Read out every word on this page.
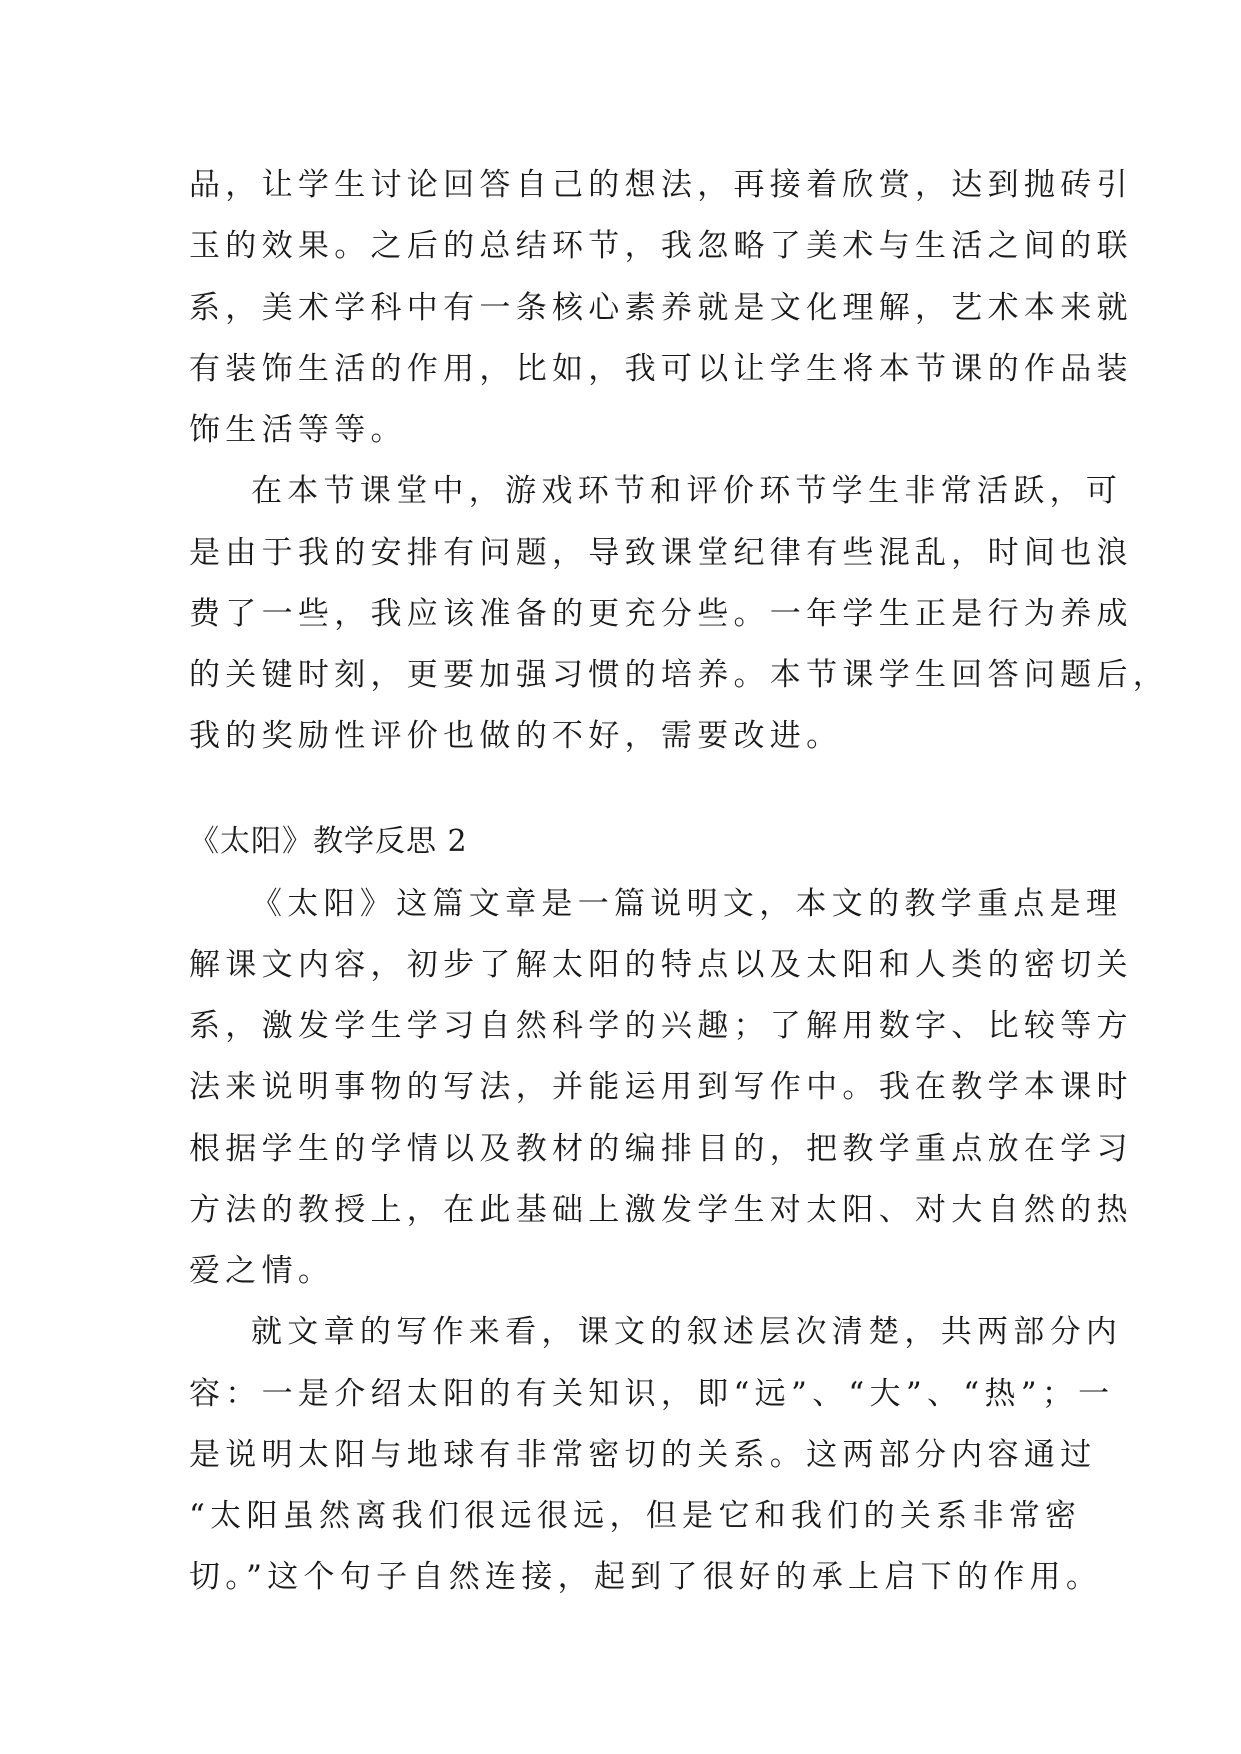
品，让学生讨论回答自己的想法，再接着欣赏，达到抛砖引
玉的效果。之后的总结环节，我忽略了美术与生活之间的联
系，美术学科中有一条核心素养就是文化理解，艺术本来就
有装饰生活的作用，比如，我可以让学生将本节课的作品装
饰生活等等。
在本节课堂中，游戏环节和评价环节学生非常活跃，可
是由于我的安排有问题，导致课堂纪律有些混乱，时间也浪
费了一些，我应该准备的更充分些。一年学生正是行为养成
的关键时刻，更要加强习惯的培养。本节课学生回答问题后，
我的奖励性评价也做的不好，需要改进。
《太阳》教学反思 2
《太阳》这篇文章是一篇说明文，本文的教学重点是理
解课文内容，初步了解太阳的特点以及太阳和人类的密切关
系，激发学生学习自然科学的兴趣；了解用数字、比较等方
法来说明事物的写法，并能运用到写作中。我在教学本课时
根据学生的学情以及教材的编排目的，把教学重点放在学习
方法的教授上，在此基础上激发学生对太阳、对大自然的热
爱之情。
就文章的写作来看，课文的叙述层次清楚，共两部分内
容：一是介绍太阳的有关知识，即“远”、“大”、“热”；一
是说明太阳与地球有非常密切的关系。这两部分内容通过
“太阳虽然离我们很远很远，但是它和我们的关系非常密
切。”这个句子自然连接，起到了很好的承上启下的作用。
